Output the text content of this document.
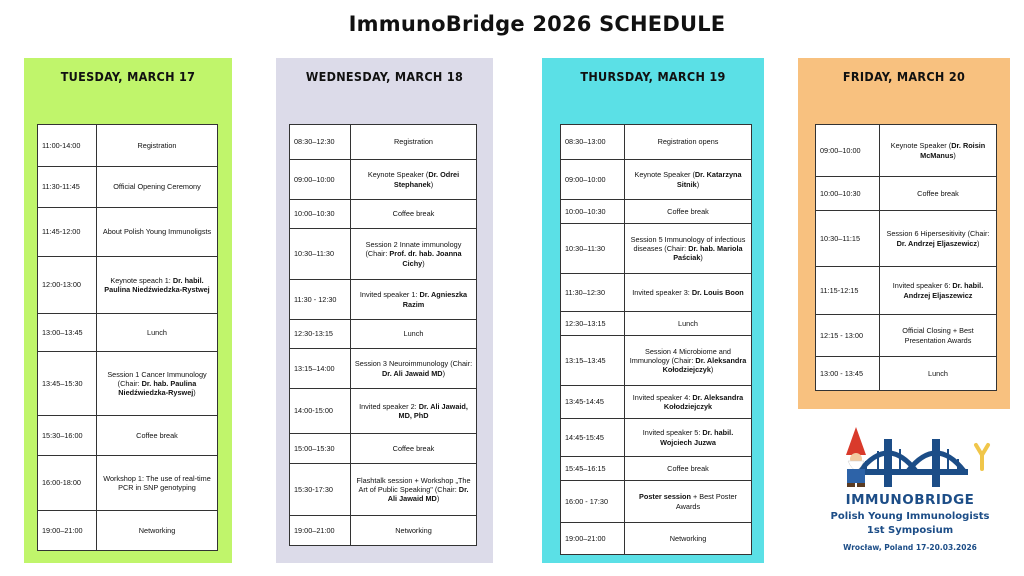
ImmunoBridge 2026 SCHEDULE
TUESDAY, MARCH 17
11:00-14:00	Registration
11:30-11:45	Official Opening Ceremony
11:45-12:00	About Polish Young Immunoligsts
12:00-13:00	Keynote speach 1: Dr. habil. Paulina Niedźwiedzka-Rystwej
13:00–13:45	Lunch
13:45–15:30	Session 1 Cancer Immunology (Chair: Dr. hab. Paulina Niedźwiedzka-Ryswej)
15:30–16:00	Coffee break
16:00-18:00	Workshop 1: The use of real-time PCR in SNP genotyping
19:00–21:00	Networking
WEDNESDAY, MARCH 18
08:30–12:30	Registration
09:00–10:00	Keynote Speaker (Dr. Odrei Stephanek)
10:00–10:30	Coffee break
10:30–11:30	Session 2 Innate immunology (Chair: Prof. dr. hab. Joanna Cichy)
11:30 - 12:30	Invited speaker 1: Dr. Agnieszka Razim
12:30-13:15	Lunch
13:15–14:00	Session 3 Neuroimmunology (Chair: Dr. Ali Jawaid MD)
14:00-15:00	Invited speaker 2: Dr. Ali Jawaid, MD, PhD
15:00–15:30	Coffee break
15:30-17:30	Flashtalk session + Workshop „The Art of Public Speaking" (Chair: Dr. Ali Jawaid MD)
19:00–21:00	Networking
THURSDAY, MARCH 19
08:30–13:00	Registration opens
09:00–10:00	Keynote Speaker (Dr. Katarzyna Sitnik)
10:00–10:30	Coffee break
10:30–11:30	Session 5 Immunology of infectious diseases (Chair: Dr. hab. Mariola Paściak)
11:30–12:30	Invited speaker 3: Dr. Louis Boon
12:30–13:15	Lunch
13:15–13:45	Session 4 Microbiome and Immunology (Chair: Dr. Aleksandra Kołodziejczyk)
13:45-14:45	Invited speaker 4: Dr. Aleksandra Kołodziejczyk
14:45-15:45	Invited speaker 5: Dr. habil. Wojciech Juzwa
15:45–16:15	Coffee break
16:00 - 17:30	Poster session + Best Poster Awards
19:00–21:00	Networking
FRIDAY, MARCH 20
09:00–10:00	Keynote Speaker (Dr. Roisin McManus)
10:00–10:30	Coffee break
10:30–11:15	Session 6 Hipersesitivity (Chair: Dr. Andrzej Eljaszewicz)
11:15-12:15	Invited speaker 6: Dr. habil. Andrzej Eljaszewicz
12:15 - 13:00	Official Closing + Best Presentation Awards
13:00 - 13:45	Lunch
IMMUNOBRIDGE
Polish Young Immunologists
1st Symposium
Wrocław, Poland 17-20.03.2026
